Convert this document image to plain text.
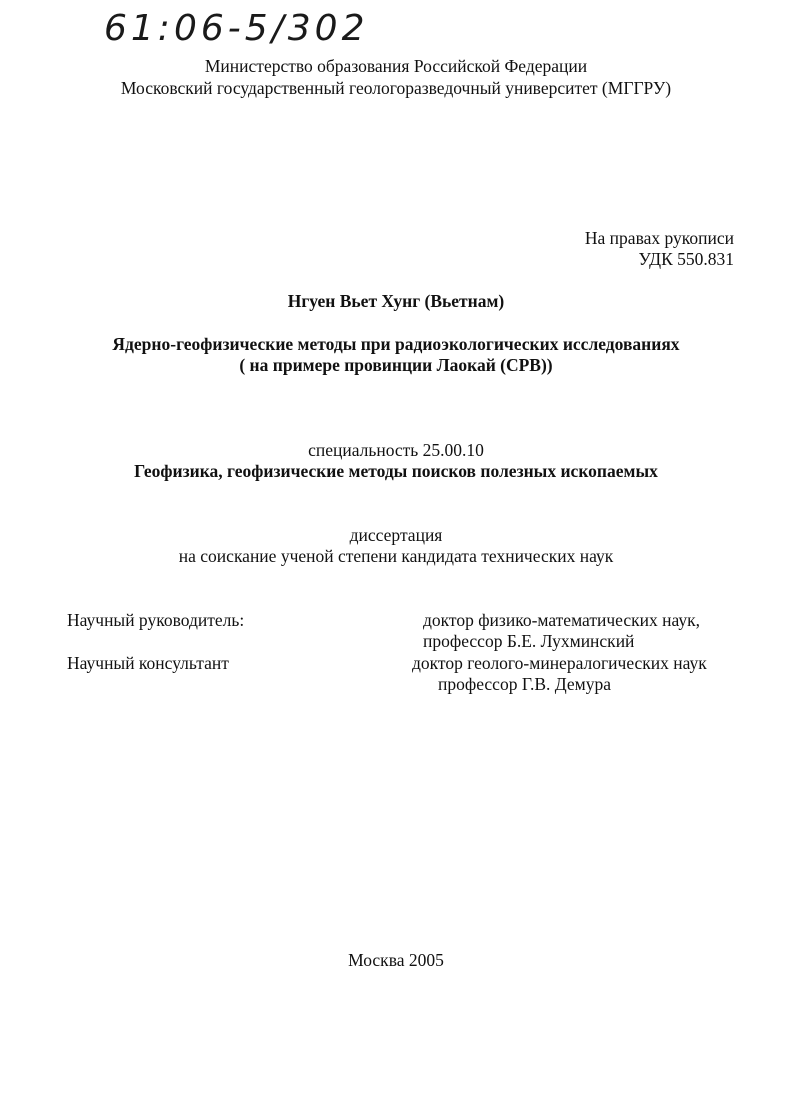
61:06-5/302
Министерство образования Российской Федерации
Московский государственный геологоразведочный университет (МГГРУ)
На правах рукописи
УДК 550.831
Нгуен Вьет Хунг (Вьетнам)
Ядерно-геофизические методы при радиоэкологических исследованиях
( на примере провинции Лаокай (СРВ))
специальность 25.00.10
Геофизика, геофизические методы поисков полезных ископаемых
диссертация
на соискание ученой степени кандидата технических наук
Научный руководитель:	доктор физико-математических наук,
профессор Б.Е. Лухминский
Научный консультант	доктор геолого-минералогических наук
профессор Г.В. Демура
Москва 2005
